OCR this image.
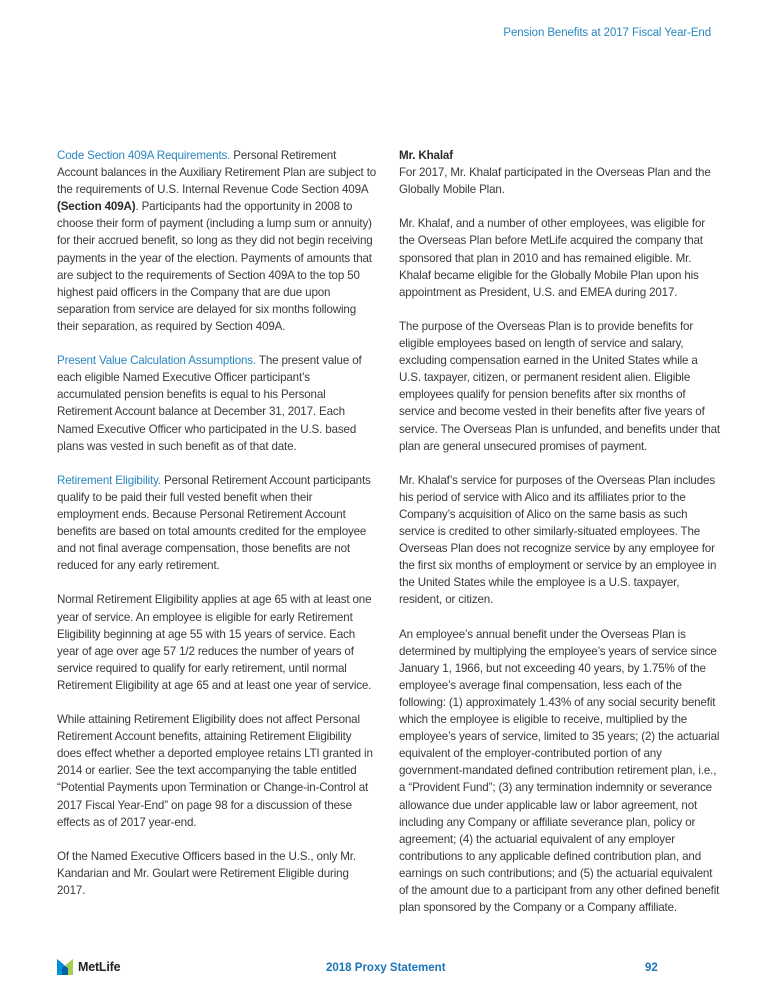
Pension Benefits at 2017 Fiscal Year-End

Code Section 409A Requirements. Personal Retirement Account balances in the Auxiliary Retirement Plan are subject to the requirements of U.S. Internal Revenue Code Section 409A (Section 409A). Participants had the opportunity in 2008 to choose their form of payment (including a lump sum or annuity) for their accrued benefit, so long as they did not begin receiving payments in the year of the election. Payments of amounts that are subject to the requirements of Section 409A to the top 50 highest paid officers in the Company that are due upon separation from service are delayed for six months following their separation, as required by Section 409A.

Present Value Calculation Assumptions. The present value of each eligible Named Executive Officer participant’s accumulated pension benefits is equal to his Personal Retirement Account balance at December 31, 2017. Each Named Executive Officer who participated in the U.S. based plans was vested in such benefit as of that date.

Retirement Eligibility. Personal Retirement Account participants qualify to be paid their full vested benefit when their employment ends. Because Personal Retirement Account benefits are based on total amounts credited for the employee and not final average compensation, those benefits are not reduced for any early retirement.

Normal Retirement Eligibility applies at age 65 with at least one year of service. An employee is eligible for early Retirement Eligibility beginning at age 55 with 15 years of service. Each year of age over age 57 1/2 reduces the number of years of service required to qualify for early retirement, until normal Retirement Eligibility at age 65 and at least one year of service.

While attaining Retirement Eligibility does not affect Personal Retirement Account benefits, attaining Retirement Eligibility does effect whether a deported employee retains LTI granted in 2014 or earlier. See the text accompanying the table entitled “Potential Payments upon Termination or Change-in-Control at 2017 Fiscal Year-End” on page 98 for a discussion of these effects as of 2017 year-end.

Of the Named Executive Officers based in the U.S., only Mr. Kandarian and Mr. Goulart were Retirement Eligible during 2017.

Mr. Khalaf

For 2017, Mr. Khalaf participated in the Overseas Plan and the Globally Mobile Plan.

Mr. Khalaf, and a number of other employees, was eligible for the Overseas Plan before MetLife acquired the company that sponsored that plan in 2010 and has remained eligible. Mr. Khalaf became eligible for the Globally Mobile Plan upon his appointment as President, U.S. and EMEA during 2017.

The purpose of the Overseas Plan is to provide benefits for eligible employees based on length of service and salary, excluding compensation earned in the United States while a U.S. taxpayer, citizen, or permanent resident alien. Eligible employees qualify for pension benefits after six months of service and become vested in their benefits after five years of service. The Overseas Plan is unfunded, and benefits under that plan are general unsecured promises of payment.

Mr. Khalaf’s service for purposes of the Overseas Plan includes his period of service with Alico and its affiliates prior to the Company’s acquisition of Alico on the same basis as such service is credited to other similarly-situated employees. The Overseas Plan does not recognize service by any employee for the first six months of employment or service by an employee in the United States while the employee is a U.S. taxpayer, resident, or citizen.

An employee’s annual benefit under the Overseas Plan is determined by multiplying the employee’s years of service since January 1, 1966, but not exceeding 40 years, by 1.75% of the employee’s average final compensation, less each of the following: (1) approximately 1.43% of any social security benefit which the employee is eligible to receive, multiplied by the employee’s years of service, limited to 35 years; (2) the actuarial equivalent of the employer-contributed portion of any government-mandated defined contribution retirement plan, i.e., a “Provident Fund”; (3) any termination indemnity or severance allowance due under applicable law or labor agreement, not including any Company or affiliate severance plan, policy or agreement; (4) the actuarial equivalent of any employer contributions to any applicable defined contribution plan, and earnings on such contributions; and (5) the actuarial equivalent of the amount due to a participant from any other defined benefit plan sponsored by the Company or a Company affiliate.

MetLife	2018 Proxy Statement	92
